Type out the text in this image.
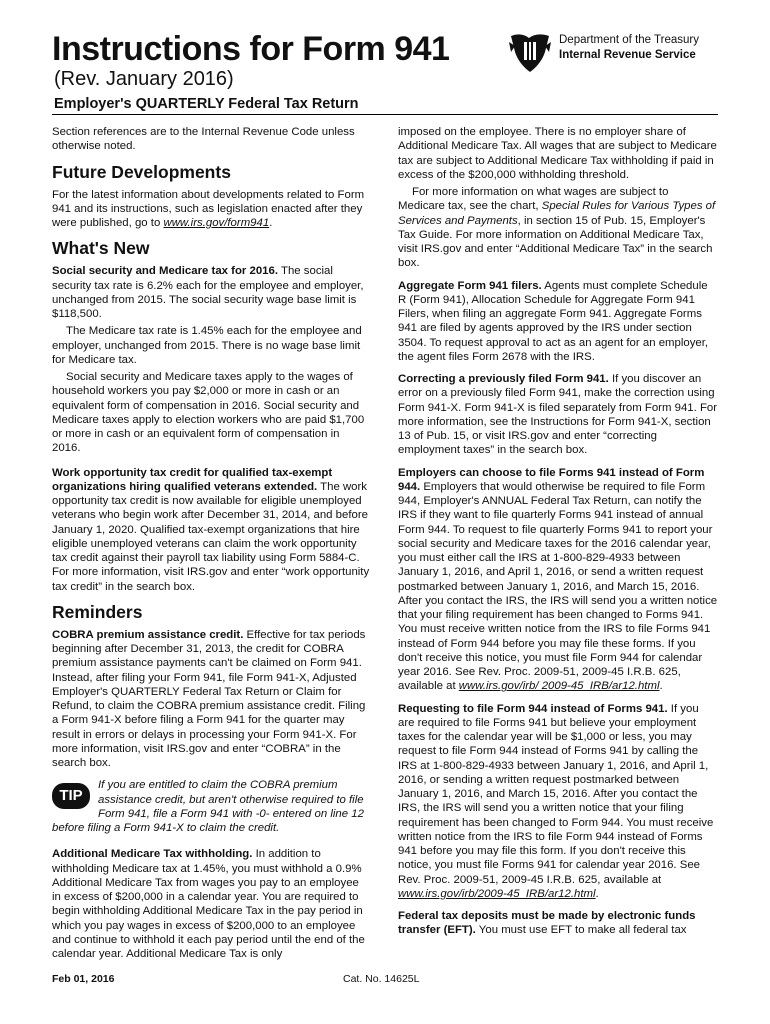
Instructions for Form 941
(Rev. January 2016)
Employer's QUARTERLY Federal Tax Return
Department of the Treasury
Internal Revenue Service

Section references are to the Internal Revenue Code unless otherwise noted.

Future Developments

For the latest information about developments related to Form 941 and its instructions, such as legislation enacted after they were published, go to www.irs.gov/form941.

What's New

Social security and Medicare tax for 2016. The social security tax rate is 6.2% each for the employee and employer, unchanged from 2015. The social security wage base limit is $118,500.

The Medicare tax rate is 1.45% each for the employee and employer, unchanged from 2015. There is no wage base limit for Medicare tax.

Social security and Medicare taxes apply to the wages of household workers you pay $2,000 or more in cash or an equivalent form of compensation in 2016. Social security and Medicare taxes apply to election workers who are paid $1,700 or more in cash or an equivalent form of compensation in 2016.

Work opportunity tax credit for qualified tax-exempt organizations hiring qualified veterans extended. The work opportunity tax credit is now available for eligible unemployed veterans who begin work after December 31, 2014, and before January 1, 2020. Qualified tax-exempt organizations that hire eligible unemployed veterans can claim the work opportunity tax credit against their payroll tax liability using Form 5884-C. For more information, visit IRS.gov and enter “work opportunity tax credit” in the search box.

Reminders

COBRA premium assistance credit. Effective for tax periods beginning after December 31, 2013, the credit for COBRA premium assistance payments can't be claimed on Form 941. Instead, after filing your Form 941, file Form 941-X, Adjusted Employer's QUARTERLY Federal Tax Return or Claim for Refund, to claim the COBRA premium assistance credit. Filing a Form 941-X before filing a Form 941 for the quarter may result in errors or delays in processing your Form 941-X. For more information, visit IRS.gov and enter “COBRA” in the search box.

TIP
If you are entitled to claim the COBRA premium assistance credit, but aren't otherwise required to file Form 941, file a Form 941 with -0- entered on line 12 before filing a Form 941-X to claim the credit.

Additional Medicare Tax withholding. In addition to withholding Medicare tax at 1.45%, you must withhold a 0.9% Additional Medicare Tax from wages you pay to an employee in excess of $200,000 in a calendar year. You are required to begin withholding Additional Medicare Tax in the pay period in which you pay wages in excess of $200,000 to an employee and continue to withhold it each pay period until the end of the calendar year. Additional Medicare Tax is only

imposed on the employee. There is no employer share of Additional Medicare Tax. All wages that are subject to Medicare tax are subject to Additional Medicare Tax withholding if paid in excess of the $200,000 withholding threshold.

For more information on what wages are subject to Medicare tax, see the chart, Special Rules for Various Types of Services and Payments, in section 15 of Pub. 15, Employer's Tax Guide. For more information on Additional Medicare Tax, visit IRS.gov and enter “Additional Medicare Tax” in the search box.

Aggregate Form 941 filers. Agents must complete Schedule R (Form 941), Allocation Schedule for Aggregate Form 941 Filers, when filing an aggregate Form 941. Aggregate Forms 941 are filed by agents approved by the IRS under section 3504. To request approval to act as an agent for an employer, the agent files Form 2678 with the IRS.

Correcting a previously filed Form 941. If you discover an error on a previously filed Form 941, make the correction using Form 941-X. Form 941-X is filed separately from Form 941. For more information, see the Instructions for Form 941-X, section 13 of Pub. 15, or visit IRS.gov and enter “correcting employment taxes” in the search box.

Employers can choose to file Forms 941 instead of Form 944. Employers that would otherwise be required to file Form 944, Employer's ANNUAL Federal Tax Return, can notify the IRS if they want to file quarterly Forms 941 instead of annual Form 944. To request to file quarterly Forms 941 to report your social security and Medicare taxes for the 2016 calendar year, you must either call the IRS at 1-800-829-4933 between January 1, 2016, and April 1, 2016, or send a written request postmarked between January 1, 2016, and March 15, 2016. After you contact the IRS, the IRS will send you a written notice that your filing requirement has been changed to Forms 941. You must receive written notice from the IRS to file Forms 941 instead of Form 944 before you may file these forms. If you don't receive this notice, you must file Form 944 for calendar year 2016. See Rev. Proc. 2009-51, 2009-45 I.R.B. 625, available at www.irs.gov/irb/ 2009-45_IRB/ar12.html.

Requesting to file Form 944 instead of Forms 941. If you are required to file Forms 941 but believe your employment taxes for the calendar year will be $1,000 or less, you may request to file Form 944 instead of Forms 941 by calling the IRS at 1-800-829-4933 between January 1, 2016, and April 1, 2016, or sending a written request postmarked between January 1, 2016, and March 15, 2016. After you contact the IRS, the IRS will send you a written notice that your filing requirement has been changed to Form 944. You must receive written notice from the IRS to file Form 944 instead of Forms 941 before you may file this form. If you don't receive this notice, you must file Forms 941 for calendar year 2016. See Rev. Proc. 2009-51, 2009-45 I.R.B. 625, available at www.irs.gov/irb/2009-45_IRB/ar12.html.

Federal tax deposits must be made by electronic funds transfer (EFT). You must use EFT to make all federal tax

Feb 01, 2016	Cat. No. 14625L
